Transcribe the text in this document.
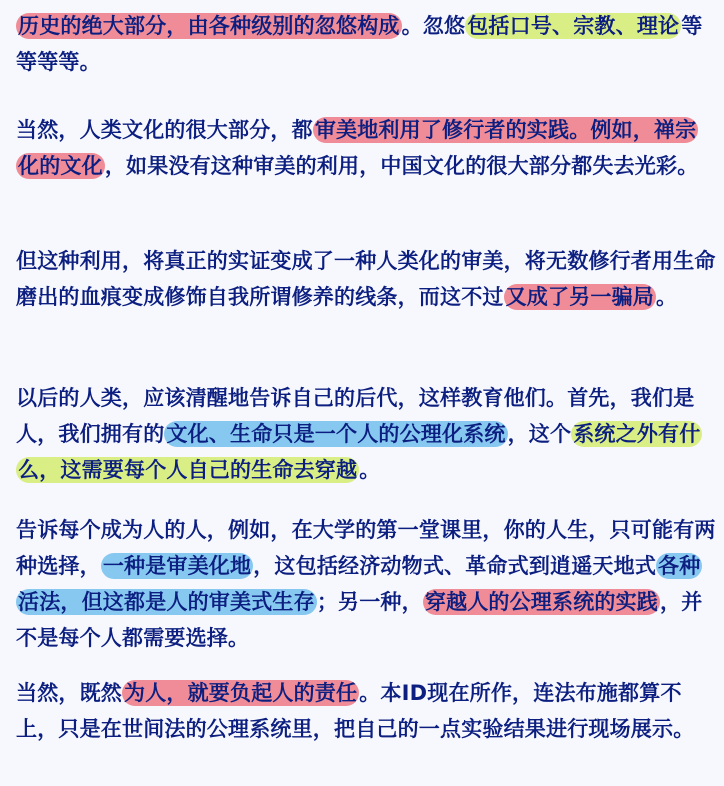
历史的绝大部分，由各种级别的忽悠构成。忽悠包括口号、宗教、理论等等等等。

当然，人类文化的很大部分，都审美地利用了修行者的实践。例如，禅宗化的文化，如果没有这种审美的利用，中国文化的很大部分都失去光彩。

但这种利用，将真正的实证变成了一种人类化的审美，将无数修行者用生命磨出的血痕变成修饰自我所谓修养的线条，而这不过又成了另一骗局。

以后的人类，应该清醒地告诉自己的后代，这样教育他们。首先，我们是人，我们拥有的文化、生命只是一个人的公理化系统，这个系统之外有什么，这需要每个人自己的生命去穿越。

告诉每个成为人的人，例如，在大学的第一堂课里，你的人生，只可能有两种选择，一种是审美化地，这包括经济动物式、革命式到逍遥天地式各种活法，但这都是人的审美式生存；另一种，穿越人的公理系统的实践，并不是每个人都需要选择。

当然，既然为人，就要负起人的责任。本ID现在所作，连法布施都算不上，只是在世间法的公理系统里，把自己的一点实验结果进行现场展示。
